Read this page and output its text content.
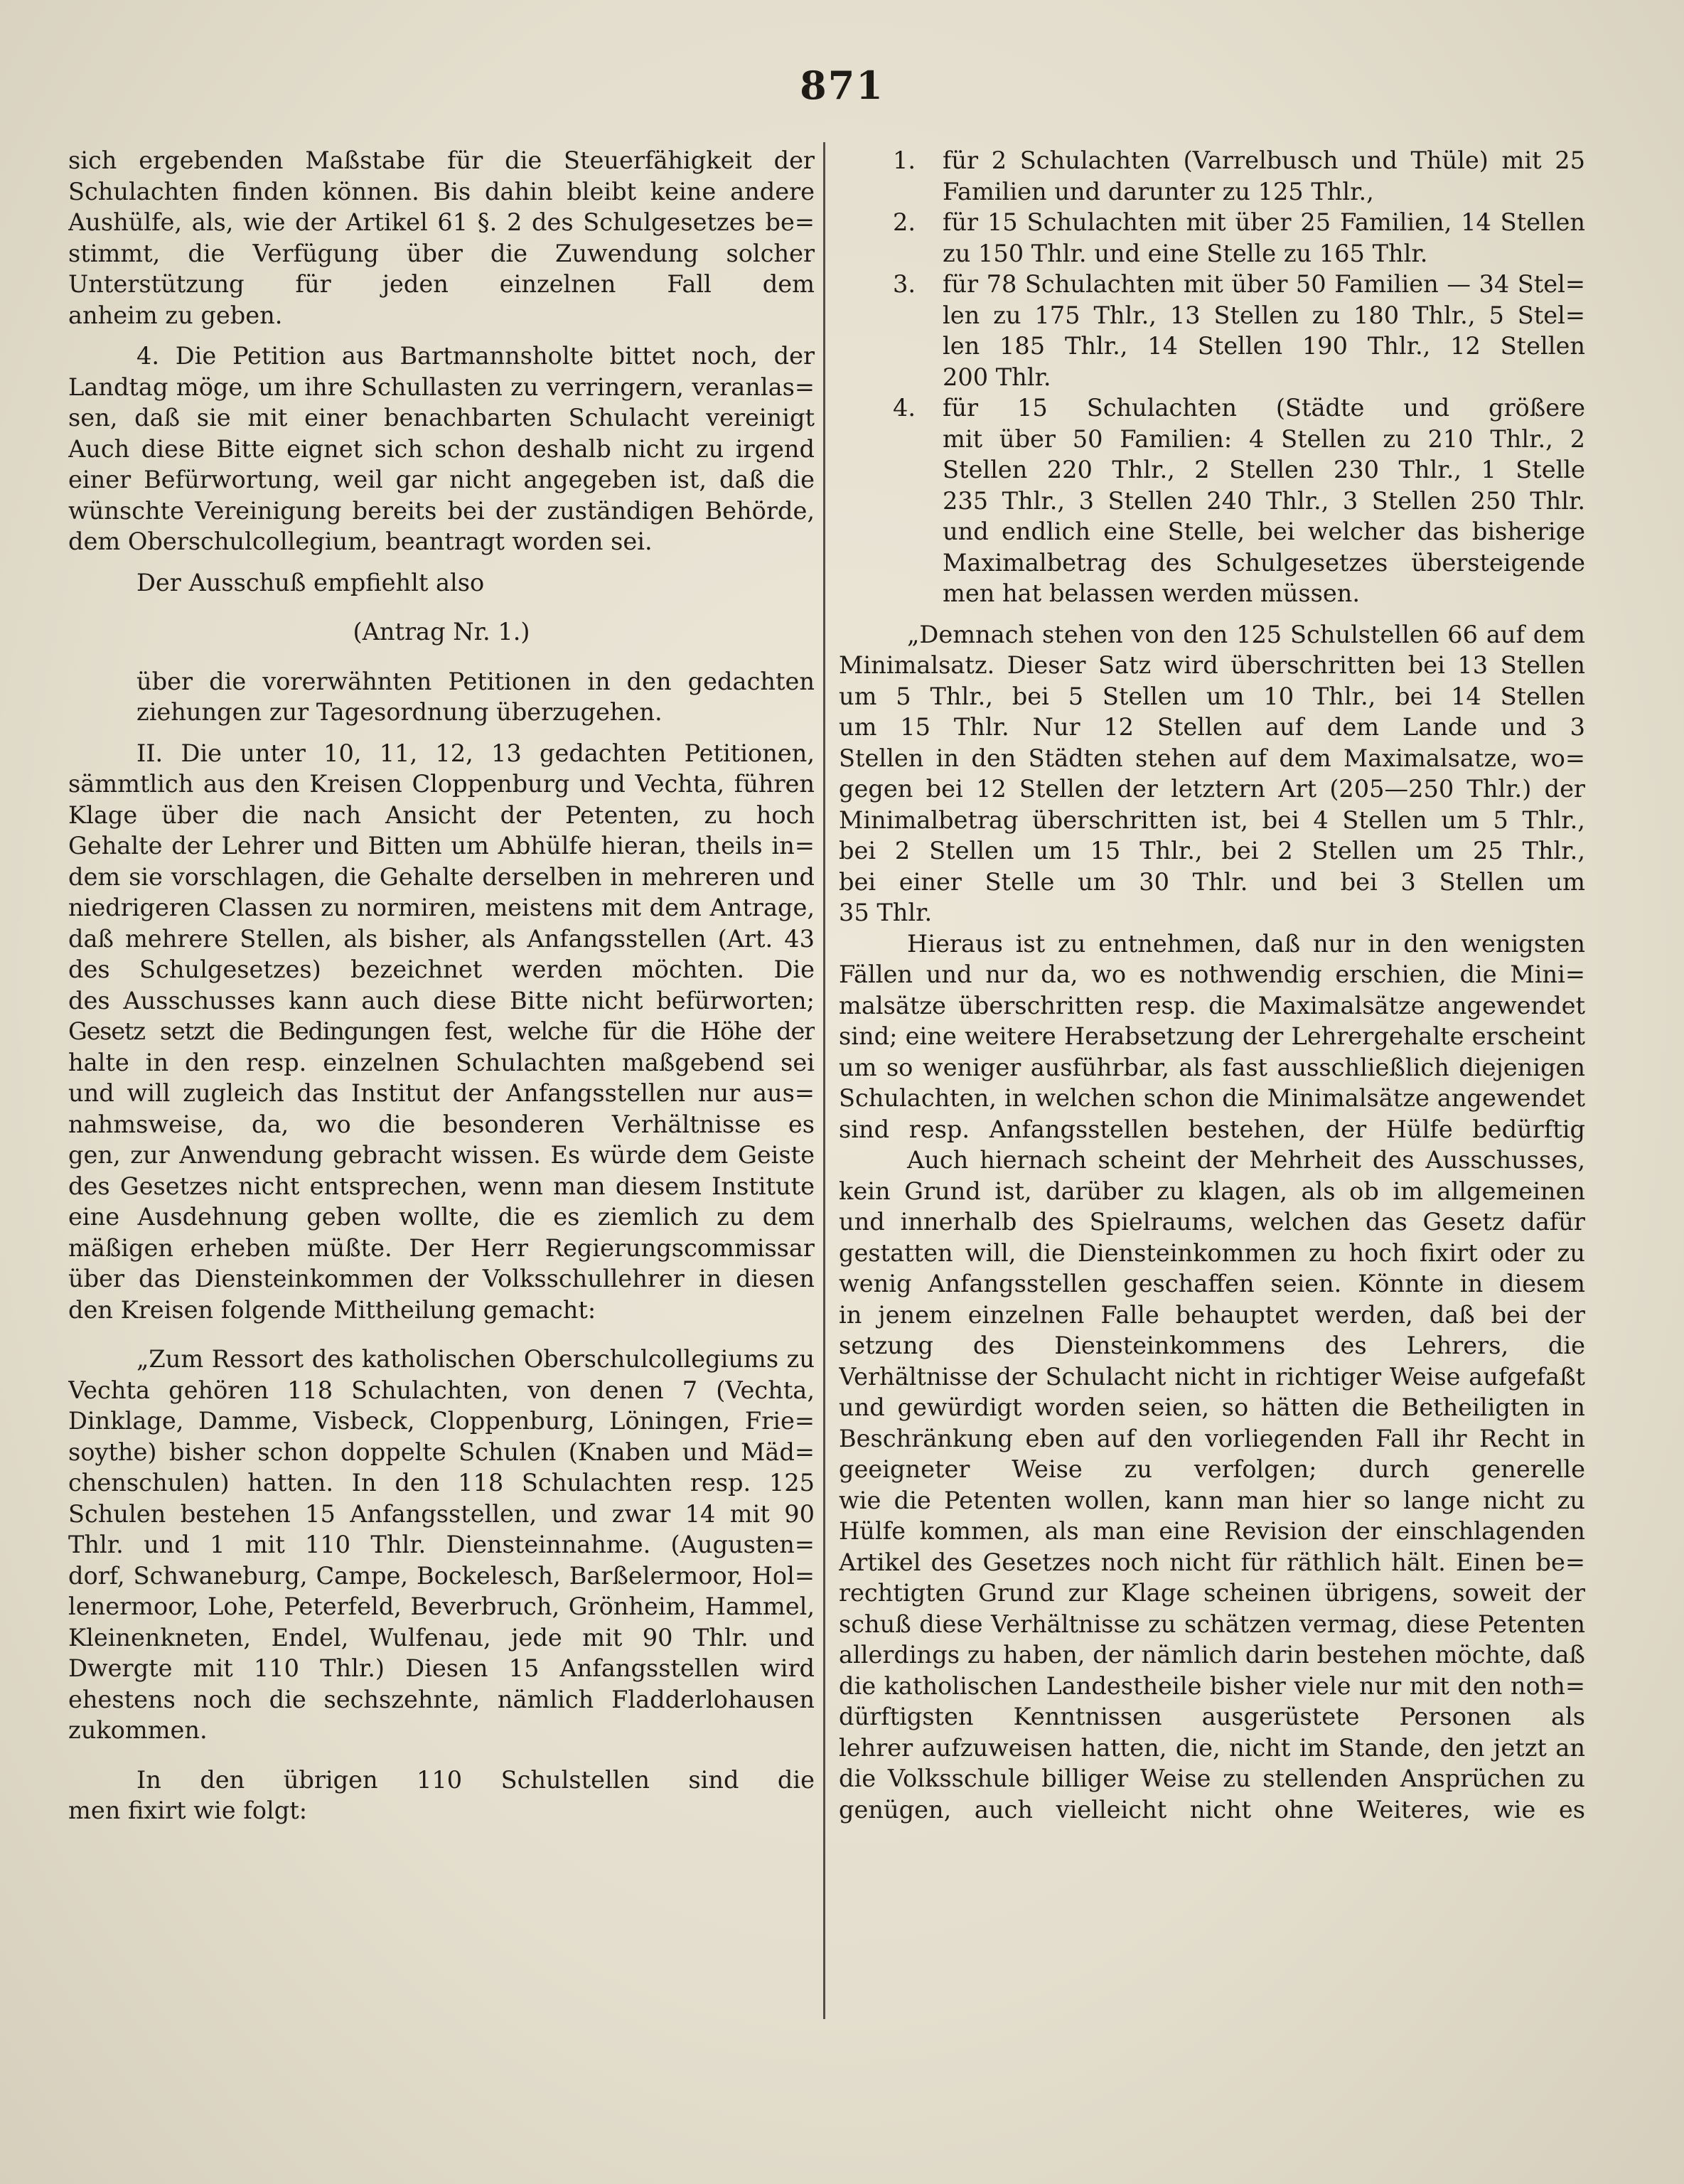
871
sich ergebenden Maßstabe für die Steuerfähigkeit der
Schulachten finden können. Bis dahin bleibt keine andere
Aushülfe, als, wie der Artikel 61 §. 2 des Schulgesetzes be=
stimmt, die Verfügung über die Zuwendung solcher
Unterstützung für jeden einzelnen Fall dem
anheim zu geben.
4. Die Petition aus Bartmannsholte bittet noch, der
Landtag möge, um ihre Schullasten zu verringern, veranlas=
sen, daß sie mit einer benachbarten Schulacht vereinigt
Auch diese Bitte eignet sich schon deshalb nicht zu irgend
einer Befürwortung, weil gar nicht angegeben ist, daß die
wünschte Vereinigung bereits bei der zuständigen Behörde,
dem Oberschulcollegium, beantragt worden sei.
Der Ausschuß empfiehlt also
(Antrag Nr. 1.)
über die vorerwähnten Petitionen in den gedachten
ziehungen zur Tagesordnung überzugehen.
II. Die unter 10, 11, 12, 13 gedachten Petitionen,
sämmtlich aus den Kreisen Cloppenburg und Vechta, führen
Klage über die nach Ansicht der Petenten, zu hoch
Gehalte der Lehrer und Bitten um Abhülfe hieran, theils in=
dem sie vorschlagen, die Gehalte derselben in mehreren und
niedrigeren Classen zu normiren, meistens mit dem Antrage,
daß mehrere Stellen, als bisher, als Anfangsstellen (Art. 43
des Schulgesetzes) bezeichnet werden möchten. Die
des Ausschusses kann auch diese Bitte nicht befürworten;
Gesetz setzt die Bedingungen fest, welche für die Höhe der
halte in den resp. einzelnen Schulachten maßgebend sei
und will zugleich das Institut der Anfangsstellen nur aus=
nahmsweise, da, wo die besonderen Verhältnisse es
gen, zur Anwendung gebracht wissen. Es würde dem Geiste
des Gesetzes nicht entsprechen, wenn man diesem Institute
eine Ausdehnung geben wollte, die es ziemlich zu dem
mäßigen erheben müßte. Der Herr Regierungscommissar
über das Diensteinkommen der Volksschullehrer in diesen
den Kreisen folgende Mittheilung gemacht:
„Zum Ressort des katholischen Oberschulcollegiums zu
Vechta gehören 118 Schulachten, von denen 7 (Vechta,
Dinklage, Damme, Visbeck, Cloppenburg, Löningen, Frie=
soythe) bisher schon doppelte Schulen (Knaben und Mäd=
chenschulen) hatten. In den 118 Schulachten resp. 125
Schulen bestehen 15 Anfangsstellen, und zwar 14 mit 90
Thlr. und 1 mit 110 Thlr. Diensteinnahme. (Augusten=
dorf, Schwaneburg, Campe, Bockelesch, Barßelermoor, Hol=
lenermoor, Lohe, Peterfeld, Beverbruch, Grönheim, Hammel,
Kleinenkneten, Endel, Wulfenau, jede mit 90 Thlr. und
Dwergte mit 110 Thlr.) Diesen 15 Anfangsstellen wird
ehestens noch die sechszehnte, nämlich Fladderlohausen
zukommen.
In den übrigen 110 Schulstellen sind die
men fixirt wie folgt:
1.	für 2 Schulachten (Varrelbusch und Thüle) mit 25
Familien und darunter zu 125 Thlr.,
2.	für 15 Schulachten mit über 25 Familien, 14 Stellen
zu 150 Thlr. und eine Stelle zu 165 Thlr.
3.	für 78 Schulachten mit über 50 Familien — 34 Stel=
len zu 175 Thlr., 13 Stellen zu 180 Thlr., 5 Stel=
len 185 Thlr., 14 Stellen 190 Thlr., 12 Stellen
200 Thlr.
4.	für 15 Schulachten (Städte und größere
mit über 50 Familien: 4 Stellen zu 210 Thlr., 2
Stellen 220 Thlr., 2 Stellen 230 Thlr., 1 Stelle
235 Thlr., 3 Stellen 240 Thlr., 3 Stellen 250 Thlr.
und endlich eine Stelle, bei welcher das bisherige
Maximalbetrag des Schulgesetzes übersteigende
men hat belassen werden müssen.
„Demnach stehen von den 125 Schulstellen 66 auf dem
Minimalsatz. Dieser Satz wird überschritten bei 13 Stellen
um 5 Thlr., bei 5 Stellen um 10 Thlr., bei 14 Stellen
um 15 Thlr. Nur 12 Stellen auf dem Lande und 3
Stellen in den Städten stehen auf dem Maximalsatze, wo=
gegen bei 12 Stellen der letztern Art (205—250 Thlr.) der
Minimalbetrag überschritten ist, bei 4 Stellen um 5 Thlr.,
bei 2 Stellen um 15 Thlr., bei 2 Stellen um 25 Thlr.,
bei einer Stelle um 30 Thlr. und bei 3 Stellen um
35 Thlr.
Hieraus ist zu entnehmen, daß nur in den wenigsten
Fällen und nur da, wo es nothwendig erschien, die Mini=
malsätze überschritten resp. die Maximalsätze angewendet
sind; eine weitere Herabsetzung der Lehrergehalte erscheint
um so weniger ausführbar, als fast ausschließlich diejenigen
Schulachten, in welchen schon die Minimalsätze angewendet
sind resp. Anfangsstellen bestehen, der Hülfe bedürftig
Auch hiernach scheint der Mehrheit des Ausschusses,
kein Grund ist, darüber zu klagen, als ob im allgemeinen
und innerhalb des Spielraums, welchen das Gesetz dafür
gestatten will, die Diensteinkommen zu hoch fixirt oder zu
wenig Anfangsstellen geschaffen seien. Könnte in diesem
in jenem einzelnen Falle behauptet werden, daß bei der
setzung des Diensteinkommens des Lehrers, die
Verhältnisse der Schulacht nicht in richtiger Weise aufgefaßt
und gewürdigt worden seien, so hätten die Betheiligten in
Beschränkung eben auf den vorliegenden Fall ihr Recht in
geeigneter Weise zu verfolgen; durch generelle
wie die Petenten wollen, kann man hier so lange nicht zu
Hülfe kommen, als man eine Revision der einschlagenden
Artikel des Gesetzes noch nicht für räthlich hält. Einen be=
rechtigten Grund zur Klage scheinen übrigens, soweit der
schuß diese Verhältnisse zu schätzen vermag, diese Petenten
allerdings zu haben, der nämlich darin bestehen möchte, daß
die katholischen Landestheile bisher viele nur mit den noth=
dürftigsten Kenntnissen ausgerüstete Personen als
lehrer aufzuweisen hatten, die, nicht im Stande, den jetzt an
die Volksschule billiger Weise zu stellenden Ansprüchen zu
genügen, auch vielleicht nicht ohne Weiteres, wie es
